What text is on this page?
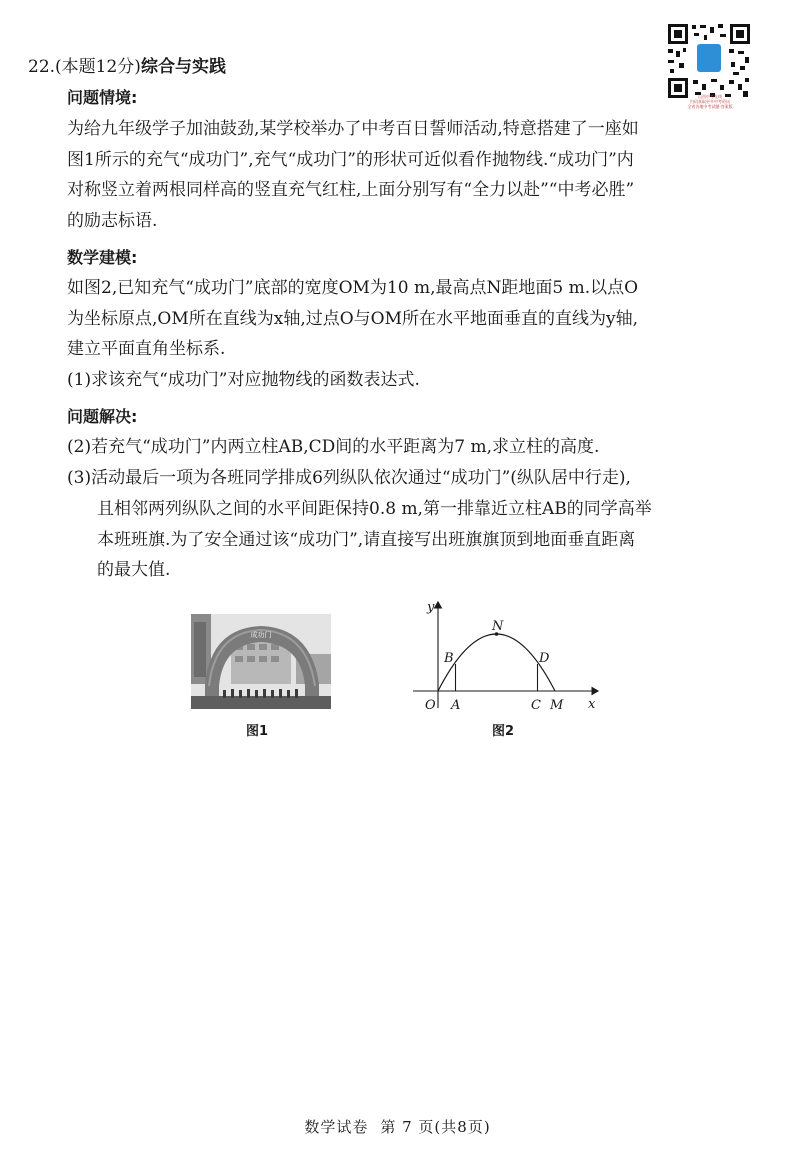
山西中考在线
扫码获取更多中考资讯
全省各地中考试题·答案版
22.(本题12分)综合与实践
问题情境:
为给九年级学子加油鼓劲,某学校举办了中考百日誓师活动,特意搭建了一座如
图1所示的充气“成功门”,充气“成功门”的形状可近似看作抛物线.“成功门”内
对称竖立着两根同样高的竖直充气红柱,上面分别写有“全力以赴”“中考必胜”
的励志标语.
数学建模:
如图2,已知充气“成功门”底部的宽度OM为10 m,最高点N距地面5 m.以点O
为坐标原点,OM所在直线为x轴,过点O与OM所在水平地面垂直的直线为y轴,
建立平面直角坐标系.
(1)求该充气“成功门”对应抛物线的函数表达式.
问题解决:
(2)若充气“成功门”内两立柱AB,CD间的水平距离为7 m,求立柱的高度.
(3)活动最后一项为各班同学排成6列纵队依次通过“成功门”(纵队居中行走),
且相邻两列纵队之间的水平间距保持0.8 m,第一排靠近立柱AB的同学高举
本班班旗.为了安全通过该“成功门”,请直接写出班旗旗顶到地面垂直距离
的最大值.
成功门
图1
y
x
O A
B
N
D
C M
图2
数学试卷 第 7 页(共8页)
